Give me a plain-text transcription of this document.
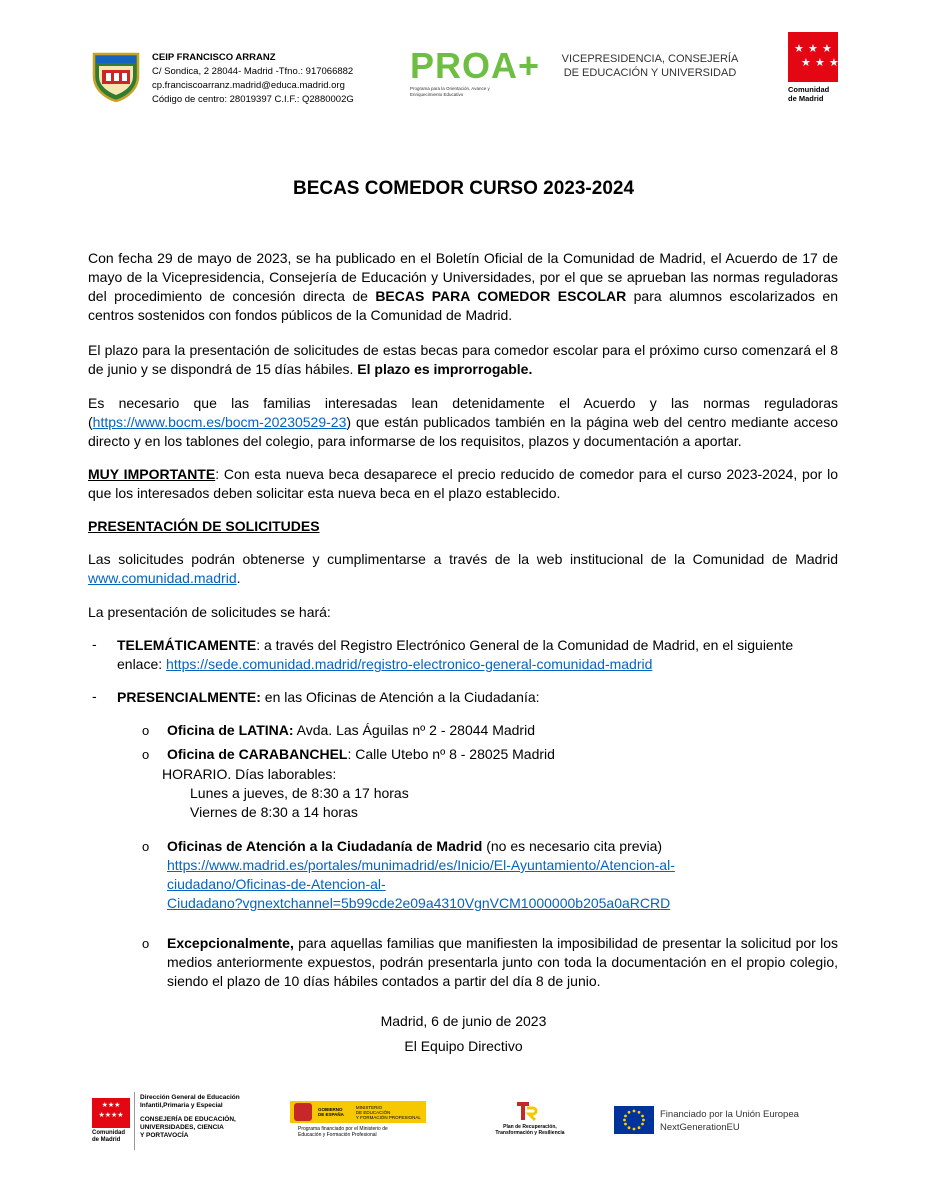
CEIP FRANCISCO ARRANZ
C/ Sondica, 2 28044- Madrid -Tfno.: 917066882
cp.franciscoarranz.madrid@educa.madrid.org
Código de centro: 28019397 C.I.F.: Q2880002G
PROA+
Programa para la Orientación, Avance y Enriquecimiento Educativo
VICEPRESIDENCIA, CONSEJERÍA
DE EDUCACIÓN Y UNIVERSIDAD
★ ★ ★
★ ★ ★
Comunidad
de Madrid
BECAS COMEDOR CURSO 2023-2024

Con fecha 29 de mayo de 2023, se ha publicado en el Boletín Oficial de la Comunidad de Madrid, el Acuerdo de 17 de mayo de la Vicepresidencia, Consejería de Educación y Universidades, por el que se aprueban las normas reguladoras del procedimiento de concesión directa de BECAS PARA COMEDOR ESCOLAR para alumnos escolarizados en centros sostenidos con fondos públicos de la Comunidad de Madrid.

El plazo para la presentación de solicitudes de estas becas para comedor escolar para el próximo curso comenzará el 8 de junio y se dispondrá de 15 días hábiles. El plazo es improrrogable.

Es necesario que las familias interesadas lean detenidamente el Acuerdo y las normas reguladoras (https://www.bocm.es/bocm-20230529-23) que están publicados también en la página web del centro mediante acceso directo y en los tablones del colegio, para informarse de los requisitos, plazos y documentación a aportar.

MUY IMPORTANTE: Con esta nueva beca desaparece el precio reducido de comedor para el curso 2023-2024, por lo que los interesados deben solicitar esta nueva beca en el plazo establecido.

PRESENTACIÓN DE SOLICITUDES

Las solicitudes podrán obtenerse y cumplimentarse a través de la web institucional de la Comunidad de Madrid www.comunidad.madrid.

La presentación de solicitudes se hará:

- TELEMÁTICAMENTE: a través del Registro Electrónico General de la Comunidad de Madrid, en el siguiente enlace: https://sede.comunidad.madrid/registro-electronico-general-comunidad-madrid

- PRESENCIALMENTE: en las Oficinas de Atención a la Ciudadanía:

o Oficina de LATINA: Avda. Las Águilas nº 2 - 28044 Madrid

o Oficina de CARABANCHEL: Calle Utebo nº 8 - 28025 Madrid

HORARIO. Días laborables:

Lunes a jueves, de 8:30 a 17 horas

Viernes de 8:30 a 14 horas

o Oficinas de Atención a la Ciudadanía de Madrid (no es necesario cita previa)
https://www.madrid.es/portales/munimadrid/es/Inicio/El-Ayuntamiento/Atencion-al-
ciudadano/Oficinas-de-Atencion-al-
Ciudadano?vgnextchannel=5b99cde2e09a4310VgnVCM1000000b205a0aRCRD
o Excepcionalmente, para aquellas familias que manifiesten la imposibilidad de presentar la solicitud por los medios anteriormente expuestos, podrán presentarla junto con toda la documentación en el propio colegio, siendo el plazo de 10 días hábiles contados a partir del día 8 de junio.

Madrid, 6 de junio de 2023

El Equipo Directivo

★★★
★★★★
Comunidad
de Madrid
Dirección General de Educación
Infantil,Primaria y Especial
CONSEJERÍA DE EDUCACIÓN,
UNIVERSIDADES, CIENCIA
Y PORTAVOCÍA
GOBIERNO
DE ESPAÑA
MINISTERIO
DE EDUCACIÓN
Y FORMACIÓN PROFESIONAL
Programa financiado por el Ministerio de
Educación y Formación Profesional
Plan de Recuperación,
Transformación y Resiliencia
Financiado por la Unión Europea
NextGenerationEU
